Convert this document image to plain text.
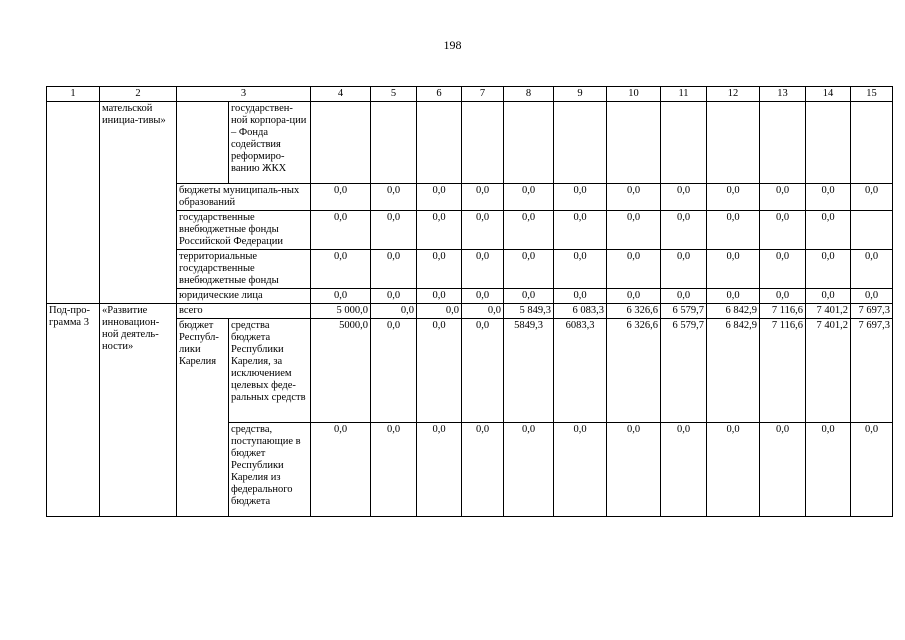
198
1	2	3		4	5	6	7	8	9	10	11	12	13	14	15
	мательской инициа-тивы»		государствен-ной корпора-ции – Фонда содействия реформиро-ванию ЖКХ												
		бюджеты муниципаль-ных образований		0,0	0,0	0,0	0,0	0,0	0,0	0,0	0,0	0,0	0,0	0,0	0,0
		государственные внебюджетные фонды Российской Федерации		0,0	0,0	0,0	0,0	0,0	0,0	0,0	0,0	0,0	0,0	0,0	
		территориальные государственные внебюджетные фонды		0,0	0,0	0,0	0,0	0,0	0,0	0,0	0,0	0,0	0,0	0,0	0,0
		юридические лица		0,0	0,0	0,0	0,0	0,0	0,0	0,0	0,0	0,0	0,0	0,0	0,0
Под-про-грамма 3	«Развитие инновацион-ной деятель-ности»	всего		5 000,0	0,0	0,0	0,0	5 849,3	6 083,3	6 326,6	6 579,7	6 842,9	7 116,6	7 401,2	7 697,3
		бюджет Республ-лики Карелия	средства бюджета Республики Карелия, за исключением целевых феде-ральных средств	5000,0	0,0	0,0	0,0	5849,3	6083,3	6 326,6	6 579,7	6 842,9	7 116,6	7 401,2	7 697,3
			средства, поступающие в бюджет Республики Карелия из федерального бюджета	0,0	0,0	0,0	0,0	0,0	0,0	0,0	0,0	0,0	0,0	0,0	0,0
